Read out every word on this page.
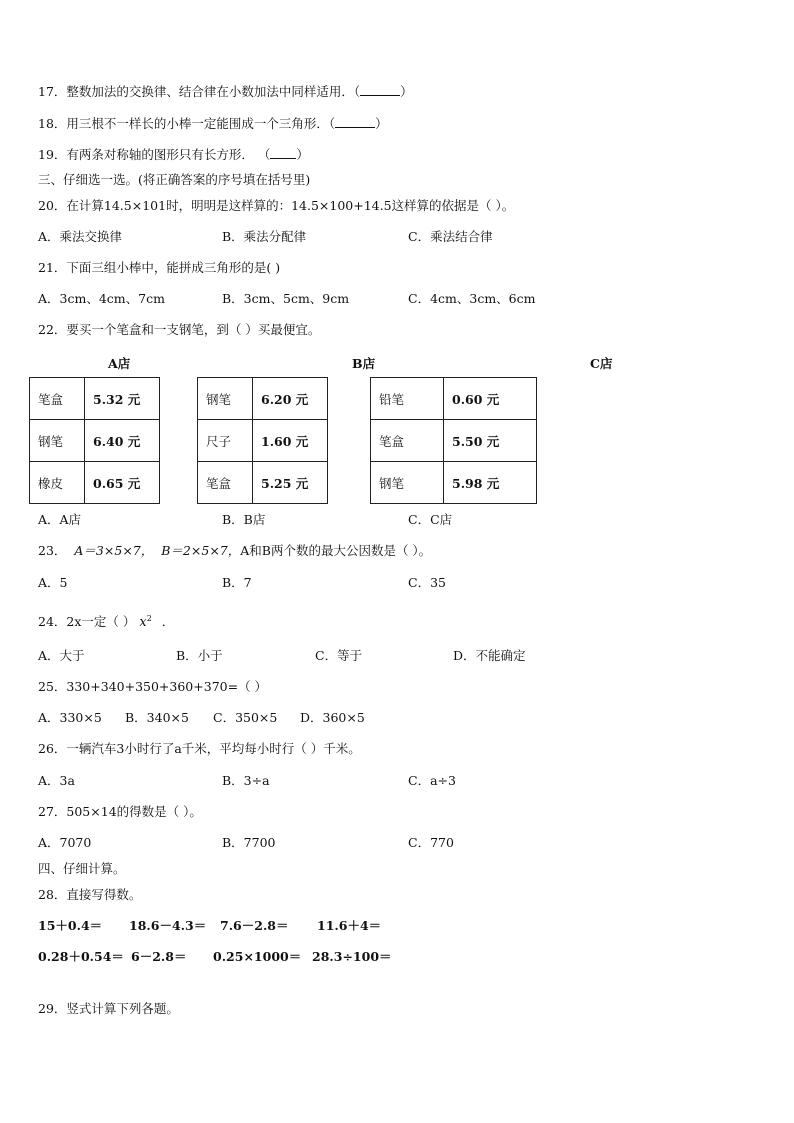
17．整数加法的交换律、结合律在小数加法中同样适用．（	）
18．用三根不一样长的小棒一定能围成一个三角形．（	）
19．有两条对称轴的图形只有长方形． （ ）
三、仔细选一选。(将正确答案的序号填在括号里)
20．在计算14.5×101时，明明是这样算的：14.5×100+14.5这样算的依据是（ ）。
A．乘法交换律	B．乘法分配律	C．乘法结合律
21．下面三组小棒中，能拼成三角形的是( )
A．3cm、4cm、7cm	B．3cm、5cm、9cm	C．4cm、3cm、6cm
22．要买一个笔盒和一支钢笔，到（ ）买最便宜。
A店	B店	C店
笔盒	5.32 元
钢笔	6.40 元
橡皮	0.65 元
钢笔	6.20 元
尺子	1.60 元
笔盒	5.25 元
铅笔	0.60 元
笔盒	5.50 元
钢笔	5.98 元
A．A店	B．B店	C．C店
23． A＝3×5×7， B＝2×5×7，A和B两个数的最大公因数是（ ）。
A．5	B．7	C．35
24．2x一定（ ） $x^2$ ．
A．大于	B．小于	C．等于	D．不能确定
25．330+340+350+360+370=（ ）
A．330×5 B．340×5 C．350×5 D．360×5
26．一辆汽车3小时行了a千米，平均每小时行（ ）千米。
A．3a	B．3÷a	C．a÷3
27．505×14的得数是（ ）。
A．7070	B．7700	C．770
四、仔细计算。
28．直接写得数。
15＋0.4＝ 18.6－4.3＝ 7.6－2.8＝ 11.6＋4＝
0.28＋0.54＝ 6－2.8＝ 0.25×1000＝ 28.3÷100＝
29．竖式计算下列各题。
